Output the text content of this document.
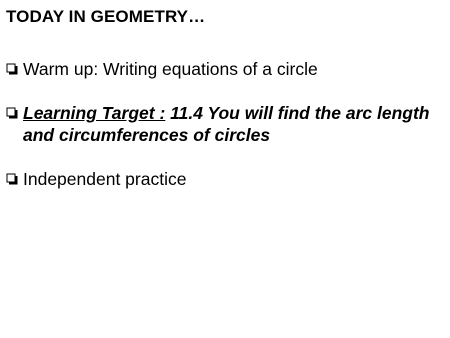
TODAY IN GEOMETRY…
Warm up: Writing equations of a circle
Learning Target : 11.4 You will find the arc length and circumferences of circles
Independent practice
